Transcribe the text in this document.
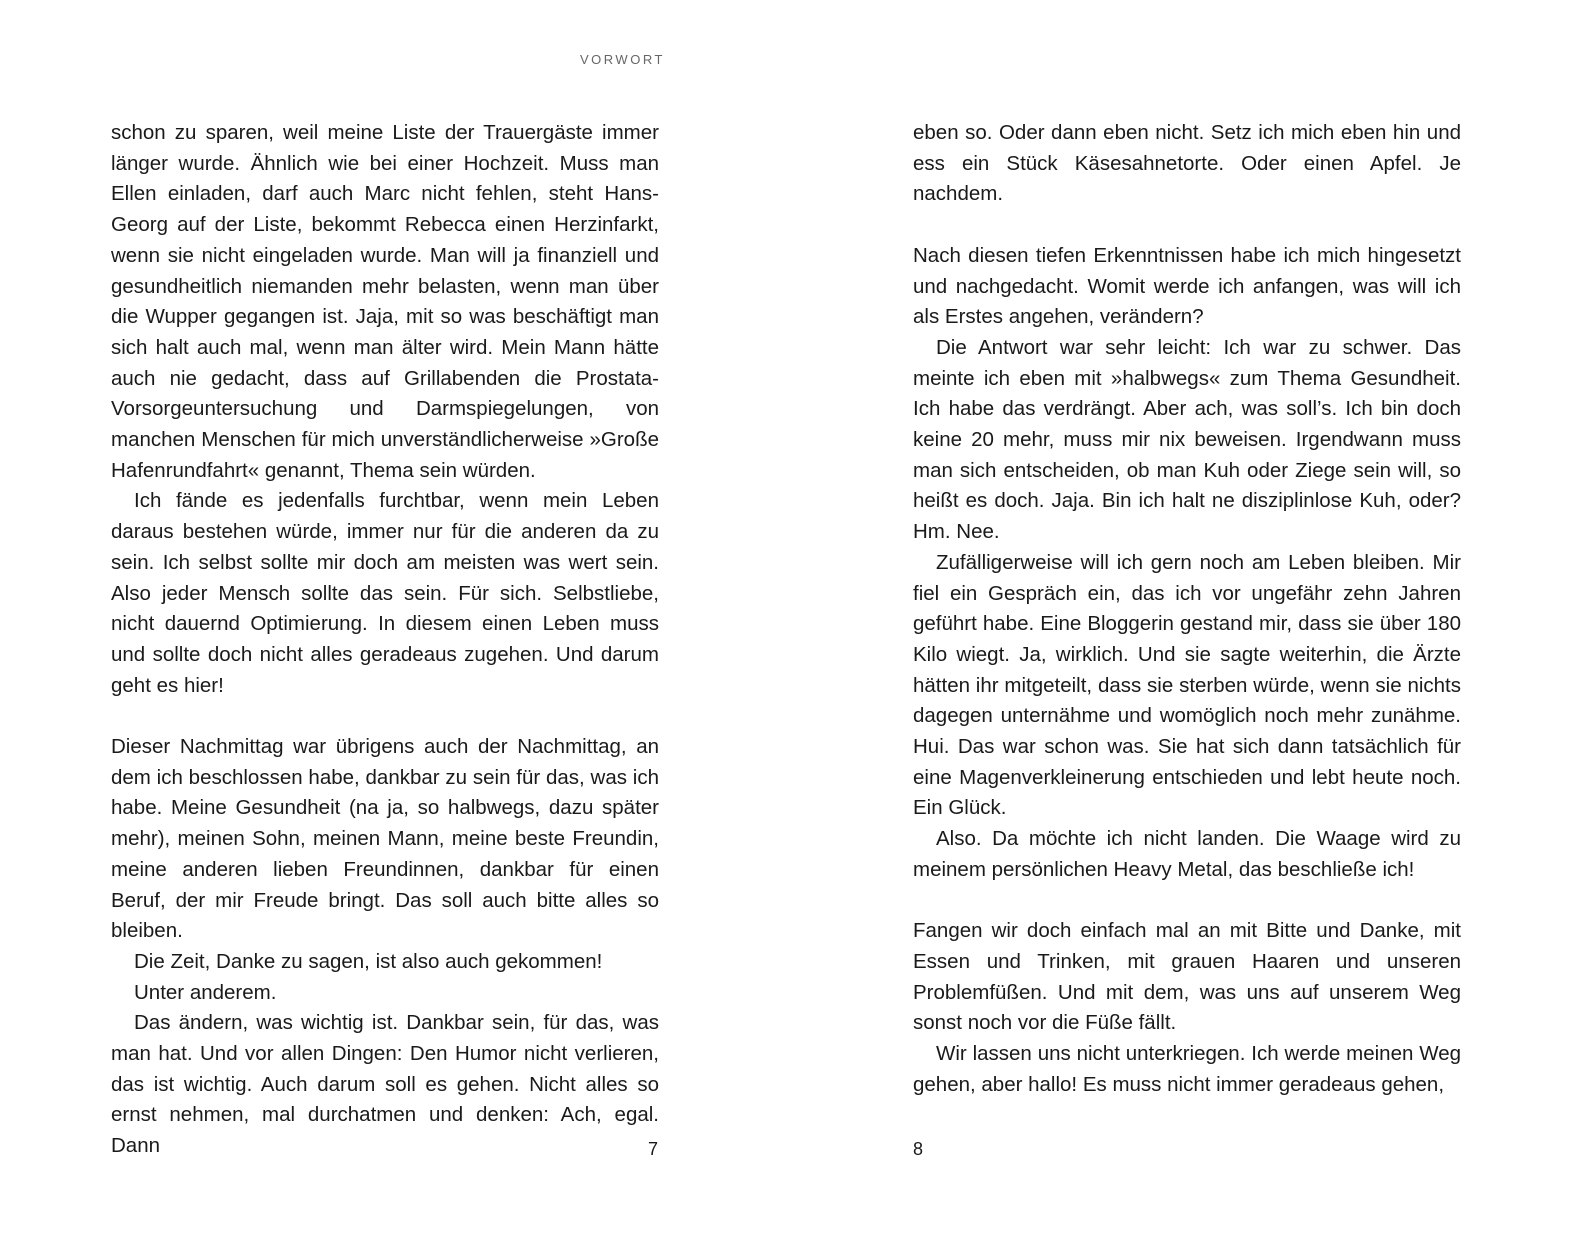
VORWORT

schon zu sparen, weil meine Liste der Trauergäste immer länger wurde. Ähnlich wie bei einer Hochzeit. Muss man Ellen einladen, darf auch Marc nicht fehlen, steht Hans-Georg auf der Liste, bekommt Rebecca einen Herzinfarkt, wenn sie nicht eingeladen wurde. Man will ja finanziell und gesundheitlich niemanden mehr belasten, wenn man über die Wupper gegangen ist. Jaja, mit so was beschäftigt man sich halt auch mal, wenn man älter wird. Mein Mann hätte auch nie gedacht, dass auf Grillabenden die Prostata-Vorsorgeuntersuchung und Darmspiegelungen, von manchen Menschen für mich unverständlicherweise »Große Hafenrundfahrt« genannt, Thema sein würden.

Ich fände es jedenfalls furchtbar, wenn mein Leben daraus bestehen würde, immer nur für die anderen da zu sein. Ich selbst sollte mir doch am meisten was wert sein. Also jeder Mensch sollte das sein. Für sich. Selbstliebe, nicht dauernd Optimierung. In diesem einen Leben muss und sollte doch nicht alles geradeaus zugehen. Und darum geht es hier!

Dieser Nachmittag war übrigens auch der Nachmittag, an dem ich beschlossen habe, dankbar zu sein für das, was ich habe. Meine Gesundheit (na ja, so halbwegs, dazu später mehr), meinen Sohn, meinen Mann, meine beste Freundin, meine anderen lieben Freundinnen, dankbar für einen Beruf, der mir Freude bringt. Das soll auch bitte alles so bleiben.

Die Zeit, Danke zu sagen, ist also auch gekommen!

Unter anderem.

Das ändern, was wichtig ist. Dankbar sein, für das, was man hat. Und vor allen Dingen: Den Humor nicht verlieren, das ist wichtig. Auch darum soll es gehen. Nicht alles so ernst nehmen, mal durchatmen und denken: Ach, egal. Dann

eben so. Oder dann eben nicht. Setz ich mich eben hin und ess ein Stück Käsesahnetorte. Oder einen Apfel. Je nachdem.

Nach diesen tiefen Erkenntnissen habe ich mich hingesetzt und nachgedacht. Womit werde ich anfangen, was will ich als Erstes angehen, verändern?

Die Antwort war sehr leicht: Ich war zu schwer. Das meinte ich eben mit »halbwegs« zum Thema Gesundheit. Ich habe das verdrängt. Aber ach, was soll’s. Ich bin doch keine 20 mehr, muss mir nix beweisen. Irgendwann muss man sich entscheiden, ob man Kuh oder Ziege sein will, so heißt es doch. Jaja. Bin ich halt ne disziplinlose Kuh, oder? Hm. Nee.

Zufälligerweise will ich gern noch am Leben bleiben. Mir fiel ein Gespräch ein, das ich vor ungefähr zehn Jahren geführt habe. Eine Bloggerin gestand mir, dass sie über 180 Kilo wiegt. Ja, wirklich. Und sie sagte weiterhin, die Ärzte hätten ihr mitgeteilt, dass sie sterben würde, wenn sie nichts dagegen unternähme und womöglich noch mehr zunähme. Hui. Das war schon was. Sie hat sich dann tatsächlich für eine Magenverkleinerung entschieden und lebt heute noch. Ein Glück.

Also. Da möchte ich nicht landen. Die Waage wird zu meinem persönlichen Heavy Metal, das beschließe ich!

Fangen wir doch einfach mal an mit Bitte und Danke, mit Essen und Trinken, mit grauen Haaren und unseren Problemfüßen. Und mit dem, was uns auf unserem Weg sonst noch vor die Füße fällt.

Wir lassen uns nicht unterkriegen. Ich werde meinen Weg gehen, aber hallo! Es muss nicht immer geradeaus gehen,

7	8
